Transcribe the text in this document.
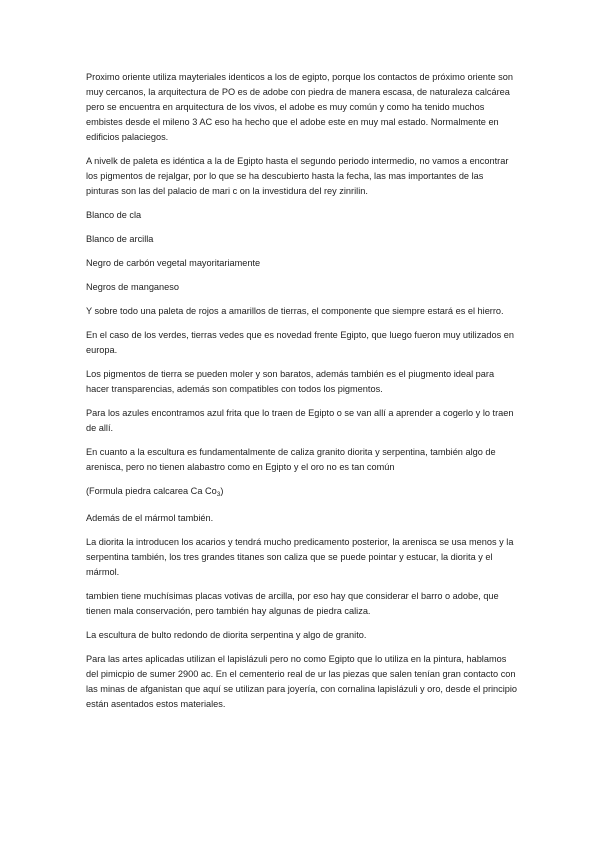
Proximo oriente utiliza mayteriales identicos a los de egipto, porque los contactos de próximo oriente son muy cercanos, la arquitectura de PO es de adobe con piedra de manera escasa, de naturaleza calcárea pero se encuentra en arquitectura de los vivos, el adobe es muy común y como ha tenido muchos embistes desde el mileno 3 AC eso ha hecho que el adobe este en muy mal estado. Normalmente en edificios palaciegos.

A nivelk de paleta es idéntica a la de Egipto hasta el segundo periodo intermedio, no vamos a encontrar los pigmentos de rejalgar, por lo que se ha descubierto hasta la fecha, las mas importantes de las pinturas son las del palacio de mari c on la investidura del rey zinrilin.

Blanco de cla

Blanco de arcilla

Negro de carbón vegetal mayoritariamente

Negros de manganeso

Y sobre todo una paleta de rojos a amarillos de tierras, el componente que siempre estará es el hierro.

En el caso de los verdes, tierras vedes que es novedad frente Egipto, que luego fueron muy utilizados en europa.

Los pigmentos de tierra se pueden moler y son baratos, además también es el piugmento ideal para hacer transparencias, además son compatibles con todos los pigmentos.

Para los azules encontramos azul frita que lo traen de Egipto o se van allí a aprender a cogerlo y lo traen de allí.

En cuanto a la escultura es fundamentalmente de caliza granito diorita y serpentina, también algo de arenisca, pero no tienen alabastro como en Egipto y el oro no es tan común

(Formula piedra calcarea Ca $Co_3$)

Además de el mármol también.

La diorita la introducen los acarios y tendrá mucho predicamento posterior, la arenisca se usa menos y la serpentina también, los tres grandes titanes son caliza que se puede pointar y estucar, la diorita y el mármol.

tambien tiene muchísimas placas votivas de arcilla, por eso hay que considerar el barro o adobe, que tienen mala conservación, pero también hay algunas de piedra caliza.

La escultura de bulto redondo de diorita serpentina y algo de granito.

Para las artes aplicadas utilizan el lapislázuli pero no como Egipto que lo utiliza en la pintura, hablamos del pimicpio de sumer 2900 ac. En el cementerio real de ur las piezas que salen tenían gran contacto con las minas de afganistan que aquí se utilizan para joyería, con cornalina lapislázuli y oro, desde el principio están asentados estos materiales.
